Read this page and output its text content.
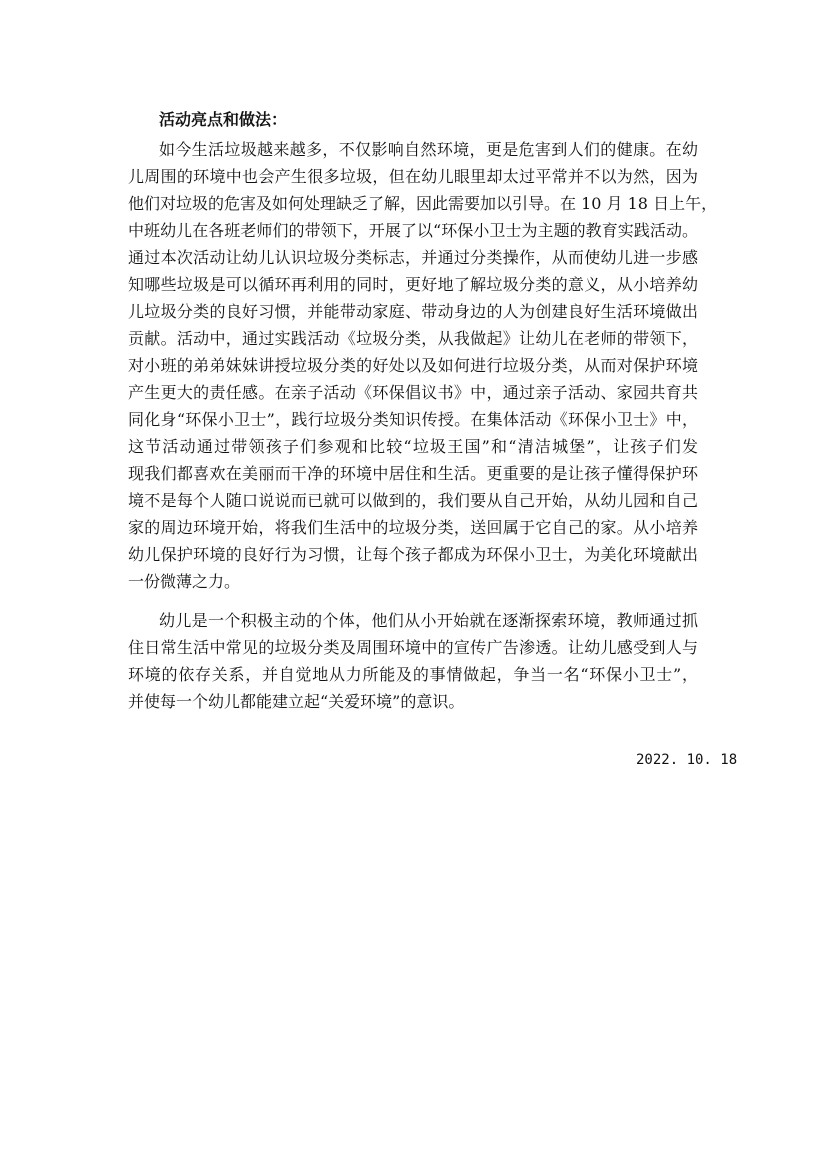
活动亮点和做法：

如今生活垃圾越来越多，不仅影响自然环境，更是危害到人们的健康。在幼

儿周围的环境中也会产生很多垃圾，但在幼儿眼里却太过平常并不以为然，因为

他们对垃圾的危害及如何处理缺乏了解，因此需要加以引导。在 10 月 18 日上午，

中班幼儿在各班老师们的带领下，开展了以“环保小卫士为主题的教育实践活动。

通过本次活动让幼儿认识垃圾分类标志，并通过分类操作，从而使幼儿进一步感

知哪些垃圾是可以循环再利用的同时，更好地了解垃圾分类的意义，从小培养幼

儿垃圾分类的良好习惯，并能带动家庭、带动身边的人为创建良好生活环境做出

贡献。活动中，通过实践活动《垃圾分类，从我做起》让幼儿在老师的带领下，

对小班的弟弟妹妹讲授垃圾分类的好处以及如何进行垃圾分类，从而对保护环境

产生更大的责任感。在亲子活动《环保倡议书》中，通过亲子活动、家园共育共

同化身“环保小卫士”，践行垃圾分类知识传授。在集体活动《环保小卫士》中，

这节活动通过带领孩子们参观和比较“垃圾王国”和“清洁城堡”，让孩子们发

现我们都喜欢在美丽而干净的环境中居住和生活。更重要的是让孩子懂得保护环

境不是每个人随口说说而已就可以做到的，我们要从自己开始，从幼儿园和自己

家的周边环境开始，将我们生活中的垃圾分类，送回属于它自己的家。从小培养

幼儿保护环境的良好行为习惯，让每个孩子都成为环保小卫士，为美化环境献出

一份微薄之力。

幼儿是一个积极主动的个体，他们从小开始就在逐渐探索环境，教师通过抓

住日常生活中常见的垃圾分类及周围环境中的宣传广告渗透。让幼儿感受到人与

环境的依存关系，并自觉地从力所能及的事情做起，争当一名“环保小卫士”，

并使每一个幼儿都能建立起“关爱环境”的意识。

2022. 10. 18
